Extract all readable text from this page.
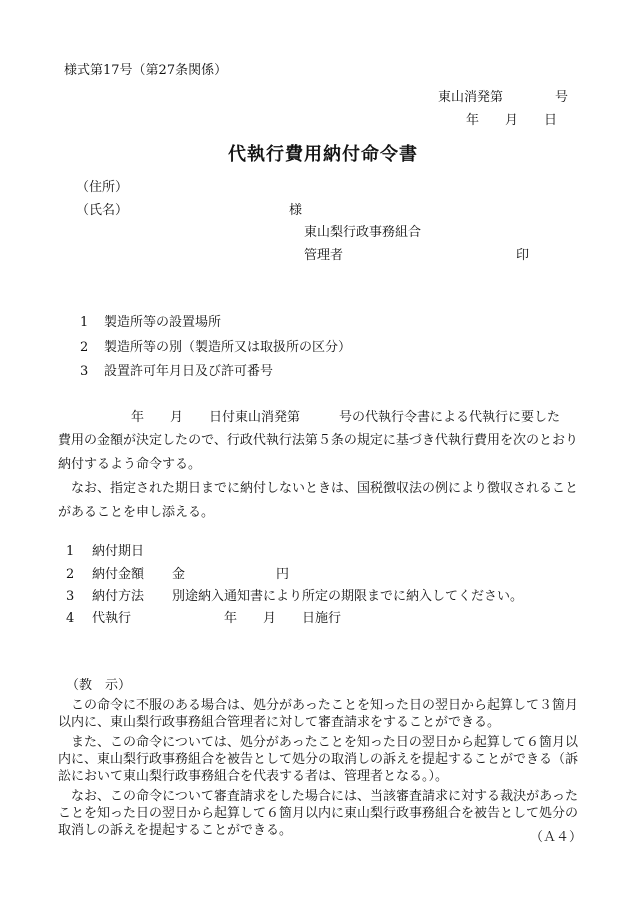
様式第17号（第27条関係）
東山消発第　　　　号
年　　月　　日
代執行費用納付命令書
（住所）
（氏名）	様
東山梨行政事務組合
管理者	印
1 製造所等の設置場所
2 製造所等の別（製造所又は取扱所の区分）
3 設置許可年月日及び許可番号
年　　月　　日付東山消発第　　　号の代執行令書による代執行に要した
費用の金額が決定したので、行政代執行法第５条の規定に基づき代執行費用を次のとおり納付するよう命令する。
なお、指定された期日までに納付しないときは、国税徴収法の例により徴収されることがあることを申し添える。
1 納付期日
2 納付金額 金　　　　　　　円
3 納付方法 別途納入通知書により所定の期限までに納入してください。
4 代執行	年　　月　　日施行
（教　示）
この命令に不服のある場合は、処分があったことを知った日の翌日から起算して３箇月以内に、東山梨行政事務組合管理者に対して審査請求をすることができる。
また、この命令については、処分があったことを知った日の翌日から起算して６箇月以内に、東山梨行政事務組合を被告として処分の取消しの訴えを提起することができる（訴訟において東山梨行政事務組合を代表する者は、管理者となる。）。
なお、この命令について審査請求をした場合には、当該審査請求に対する裁決があったことを知った日の翌日から起算して６箇月以内に東山梨行政事務組合を被告として処分の取消しの訴えを提起することができる。	（Ａ４）
